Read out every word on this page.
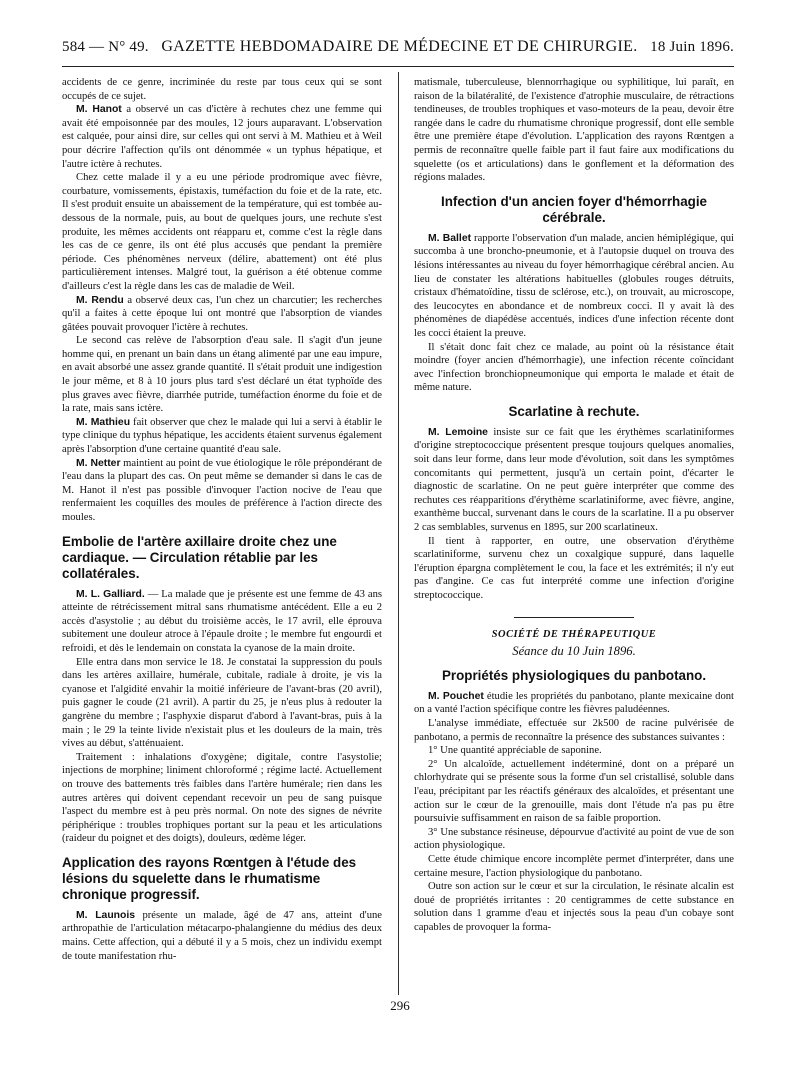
584 — N° 49. GAZETTE HEBDOMADAIRE DE MÉDECINE ET DE CHIRURGIE. 18 Juin 1896.

accidents de ce genre, incriminée du reste par tous ceux qui se sont occupés de ce sujet.

M. Hanot a observé un cas d'ictère à rechutes chez une femme qui avait été empoisonnée par des moules, 12 jours auparavant. L'observation est calquée, pour ainsi dire, sur celles qui ont servi à M. Mathieu et à Weil pour décrire l'affection qu'ils ont dénommée « un typhus hépatique, et l'autre ictère à rechutes.

Chez cette malade il y a eu une période prodromique avec fièvre, courbature, vomissements, épistaxis, tuméfaction du foie et de la rate, etc. Il s'est produit ensuite un abaissement de la température, qui est tombée au-dessous de la normale, puis, au bout de quelques jours, une rechute s'est produite, les mêmes accidents ont réapparu et, comme c'est la règle dans les cas de ce genre, ils ont été plus accusés que pendant la première période. Ces phénomènes nerveux (délire, abattement) ont été plus particulièrement intenses. Malgré tout, la guérison a été obtenue comme d'ailleurs c'est la règle dans les cas de maladie de Weil.

M. Rendu a observé deux cas, l'un chez un charcutier; les recherches qu'il a faites à cette époque lui ont montré que l'absorption de viandes gâtées pouvait provoquer l'ictère à rechutes.

Le second cas relève de l'absorption d'eau sale. Il s'agit d'un jeune homme qui, en prenant un bain dans un étang alimenté par une eau impure, en avait absorbé une assez grande quantité. Il s'était produit une indigestion le jour même, et 8 à 10 jours plus tard s'est déclaré un état typhoïde des plus graves avec fièvre, diarrhée putride, tuméfaction énorme du foie et de la rate, mais sans ictère.

M. Mathieu fait observer que chez le malade qui lui a servi à établir le type clinique du typhus hépatique, les accidents étaient survenus également après l'absorption d'une certaine quantité d'eau sale.

M. Netter maintient au point de vue étiologique le rôle prépondérant de l'eau dans la plupart des cas. On peut même se demander si dans le cas de M. Hanot il n'est pas possible d'invoquer l'action nocive de l'eau que renfermaient les coquilles des moules de préférence à l'action directe des moules.

Embolie de l'artère axillaire droite chez une cardiaque. — Circulation rétablie par les collatérales.

M. L. Galliard. — La malade que je présente est une femme de 43 ans atteinte de rétrécissement mitral sans rhumatisme antécédent. Elle a eu 2 accès d'asystolie ; au début du troisième accès, le 17 avril, elle éprouva subitement une douleur atroce à l'épaule droite ; le membre fut engourdi et refroidi, et dès le lendemain on constata la cyanose de la main droite.

Elle entra dans mon service le 18. Je constatai la suppression du pouls dans les artères axillaire, humérale, cubitale, radiale à droite, je vis la cyanose et l'algidité envahir la moitié inférieure de l'avant-bras (20 avril), puis gagner le coude (21 avril). A partir du 25, je n'eus plus à redouter la gangrène du membre ; l'asphyxie disparut d'abord à l'avant-bras, puis à la main ; le 29 la teinte livide n'existait plus et les douleurs de la main, très vives au début, s'atténuaient.

Traitement : inhalations d'oxygène; digitale, contre l'asystolie; injections de morphine; liniment chloroformé ; régime lacté. Actuellement on trouve des battements très faibles dans l'artère humérale; rien dans les autres artères qui doivent cependant recevoir un peu de sang puisque l'aspect du membre est à peu près normal. On note des signes de névrite périphérique : troubles trophiques portant sur la peau et les articulations (raideur du poignet et des doigts), douleurs, œdème léger.

Application des rayons Rœntgen à l'étude des lésions du squelette dans le rhumatisme chronique progressif.

M. Launois présente un malade, âgé de 47 ans, atteint d'une arthropathie de l'articulation métacarpo-phalangienne du médius des deux mains. Cette affection, qui a débuté il y a 5 mois, chez un individu exempt de toute manifestation rhu-

matismale, tuberculeuse, blennorrhagique ou syphilitique, lui paraît, en raison de la bilatéralité, de l'existence d'atrophie musculaire, de rétractions tendineuses, de troubles trophiques et vaso-moteurs de la peau, devoir être rangée dans le cadre du rhumatisme chronique progressif, dont elle semble être une première étape d'évolution. L'application des rayons Rœntgen a permis de reconnaître quelle faible part il faut faire aux modifications du squelette (os et articulations) dans le gonflement et la déformation des régions malades.

Infection d'un ancien foyer d'hémorrhagie cérébrale.

M. Ballet rapporte l'observation d'un malade, ancien hémiplégique, qui succomba à une broncho-pneumonie, et à l'autopsie duquel on trouva des lésions intéressantes au niveau du foyer hémorrhagique cérébral ancien. Au lieu de constater les altérations habituelles (globules rouges détruits, cristaux d'hématoïdine, tissu de sclérose, etc.), on trouvait, au microscope, des leucocytes en abondance et de nombreux cocci. Il y avait là des phénomènes de diapédèse accentués, indices d'une infection récente dont les cocci étaient la preuve.

Il s'était donc fait chez ce malade, au point où la résistance était moindre (foyer ancien d'hémorrhagie), une infection récente coïncidant avec l'infection bronchiopneumonique qui emporta le malade et était de même nature.

Scarlatine à rechute.

M. Lemoine insiste sur ce fait que les érythèmes scarlatiniformes d'origine streptococcique présentent presque toujours quelques anomalies, soit dans leur forme, dans leur mode d'évolution, soit dans les symptômes concomitants qui permettent, jusqu'à un certain point, d'écarter le diagnostic de scarlatine. On ne peut guère interpréter que comme des rechutes ces réapparitions d'érythème scarlatiniforme, avec fièvre, angine, exanthème buccal, survenant dans le cours de la scarlatine. Il a pu observer 2 cas semblables, survenus en 1895, sur 200 scarlatineux.

Il tient à rapporter, en outre, une observation d'érythème scarlatiniforme, survenu chez un coxalgique suppuré, dans laquelle l'éruption épargna complètement le cou, la face et les extrémités; il n'y eut pas d'angine. Ce cas fut interprété comme une infection d'origine streptococcique.

SOCIÉTÉ DE THÉRAPEUTIQUE
Séance du 10 Juin 1896.
Propriétés physiologiques du panbotano.

M. Pouchet étudie les propriétés du panbotano, plante mexicaine dont on a vanté l'action spécifique contre les fièvres paludéennes.

L'analyse immédiate, effectuée sur 2k500 de racine pulvérisée de panbotano, a permis de reconnaître la présence des substances suivantes :

1° Une quantité appréciable de saponine.

2° Un alcaloïde, actuellement indéterminé, dont on a préparé un chlorhydrate qui se présente sous la forme d'un sel cristallisé, soluble dans l'eau, précipitant par les réactifs généraux des alcaloïdes, et présentant une action sur le cœur de la grenouille, mais dont l'étude n'a pas pu être poursuivie suffisamment en raison de sa faible proportion.

3° Une substance résineuse, dépourvue d'activité au point de vue de son action physiologique.

Cette étude chimique encore incomplète permet d'interpréter, dans une certaine mesure, l'action physiologique du panbotano.

Outre son action sur le cœur et sur la circulation, le résinate alcalin est doué de propriétés irritantes : 20 centigrammes de cette substance en solution dans 1 gramme d'eau et injectés sous la peau d'un cobaye sont capables de provoquer la forma-

296
